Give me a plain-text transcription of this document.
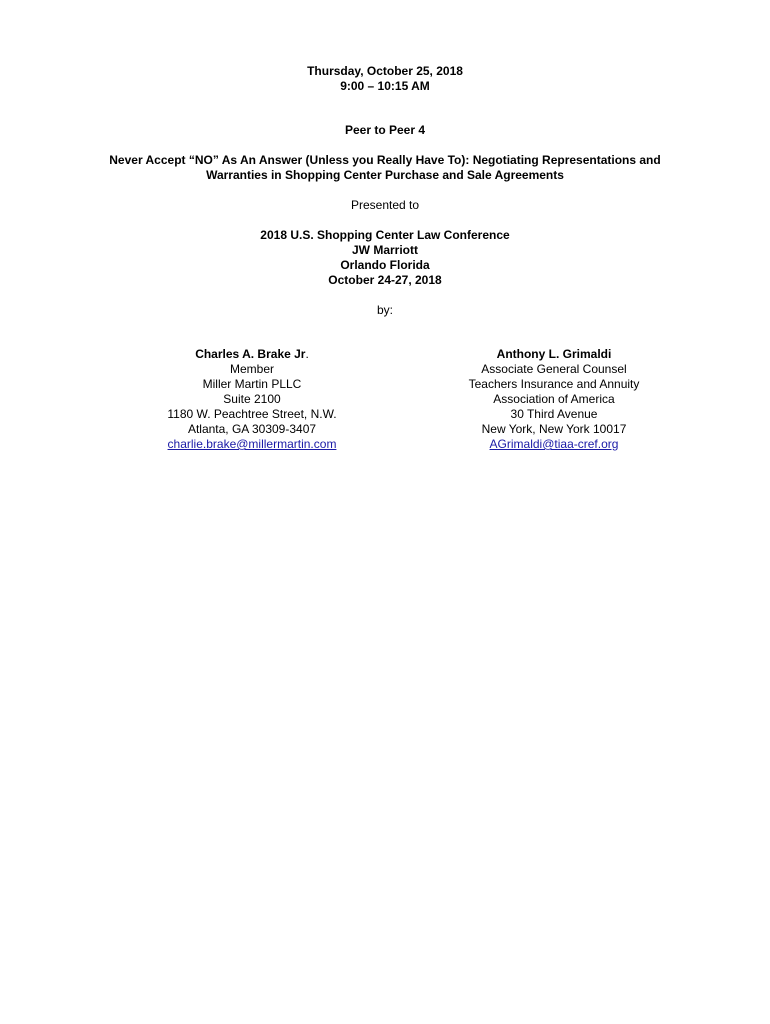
Thursday, October 25, 2018
9:00 – 10:15 AM
Peer to Peer 4
Never Accept “NO” As An Answer (Unless you Really Have To): Negotiating Representations and
Warranties in Shopping Center Purchase and Sale Agreements
Presented to
2018 U.S. Shopping Center Law Conference
JW Marriott
Orlando Florida
October 24-27, 2018
by:
Charles A. Brake Jr.
Member
Miller Martin PLLC
Suite 2100
1180 W. Peachtree Street, N.W.
Atlanta, GA 30309-3407
charlie.brake@millermartin.com
Anthony L. Grimaldi
Associate General Counsel
Teachers Insurance and Annuity
Association of America
30 Third Avenue
New York, New York 10017
AGrimaldi@tiaa-cref.org
